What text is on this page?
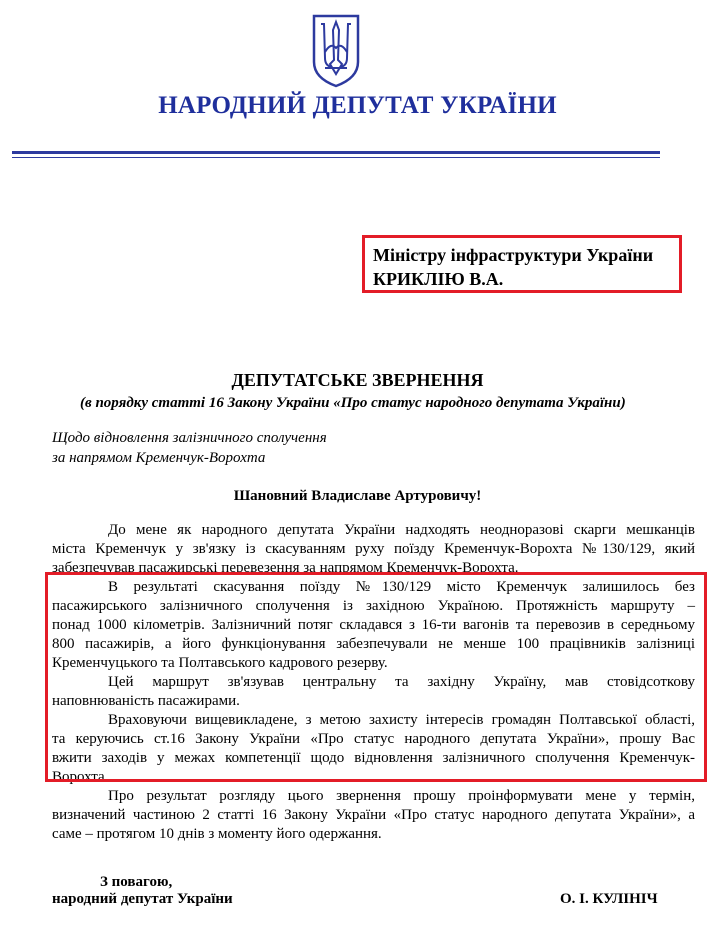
НАРОДНИЙ ДЕПУТАТ УКРАЇНИ
Міністру інфраструктури України
КРИКЛІЮ В.А.
ДЕПУТАТСЬКЕ ЗВЕРНЕННЯ
(в порядку статті 16 Закону України «Про статус народного депутата України)
Щодо відновлення залізничного сполучення
за напрямом Кременчук-Ворохта
Шановний Владиславе Артуровичу!
До мене як народного депутата України надходять неодноразові скарги мешканців
міста Кременчук у зв'язку із скасуванням руху поїзду Кременчук-Ворохта №130/129, який
забезпечував пасажирські перевезення за напрямом Кременчук-Ворохта.
В результаті скасування поїзду №130/129 місто Кременчук залишилось без
пасажирського залізничного сполучення із західною Україною. Протяжність маршруту –
понад 1000 кілометрів. Залізничний потяг складався з 16-ти вагонів та перевозив в середньому
800 пасажирів, а його функціонування забезпечували не менше 100 працівників залізниці
Кременчуцького та Полтавського кадрового резерву.
Цей маршрут зв'язував центральну та західну Україну, мав стовідсоткову
наповнюваність пасажирами.
Враховуючи вищевикладене, з метою захисту інтересів громадян Полтавської області,
та керуючись ст.16 Закону України «Про статус народного депутата України», прошу Вас
вжити заходів у межах компетенції щодо відновлення залізничного сполучення Кременчук-
Ворохта.
Про результат розгляду цього звернення прошу проінформувати мене у термін,
визначений частиною 2 статті 16 Закону України «Про статус народного депутата України», а
саме – протягом 10 днів з моменту його одержання.
З повагою,
народний депутат України	О. І. КУЛІНІЧ
